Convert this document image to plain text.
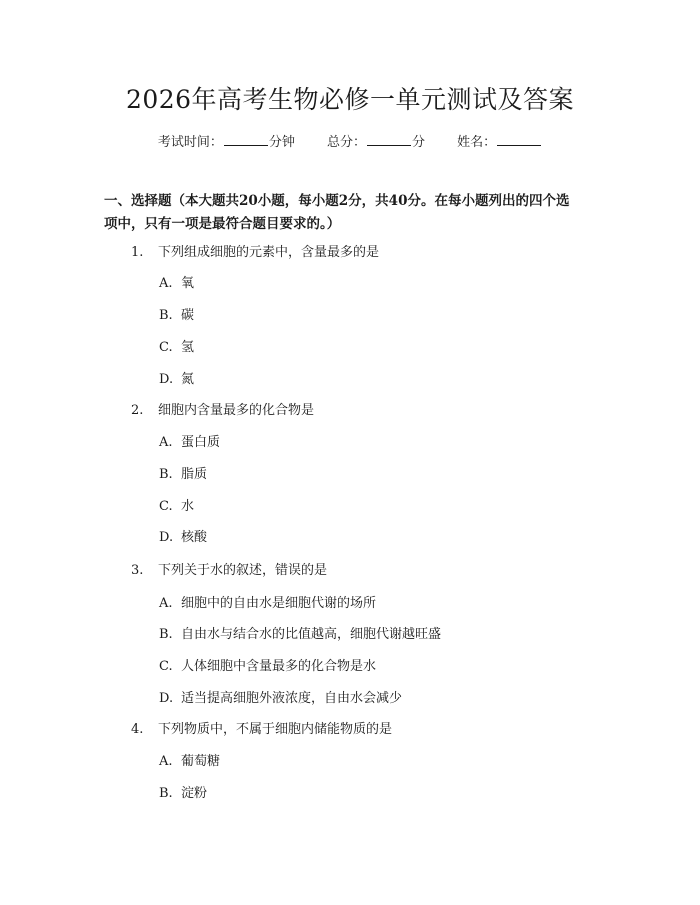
2026年高考生物必修一单元测试及答案
考试时间：	分钟 总分：	分 姓名：
一、选择题（本大题共20小题，每小题2分，共40分。在每小题列出的四个选
项中，只有一项是最符合题目要求的。）
1. 下列组成细胞的元素中，含量最多的是
A. 氧
B. 碳
C. 氢
D. 氮
2. 细胞内含量最多的化合物是
A. 蛋白质
B. 脂质
C. 水
D. 核酸
3. 下列关于水的叙述，错误的是
A. 细胞中的自由水是细胞代谢的场所
B. 自由水与结合水的比值越高，细胞代谢越旺盛
C. 人体细胞中含量最多的化合物是水
D. 适当提高细胞外液浓度，自由水会减少
4. 下列物质中，不属于细胞内储能物质的是
A. 葡萄糖
B. 淀粉
